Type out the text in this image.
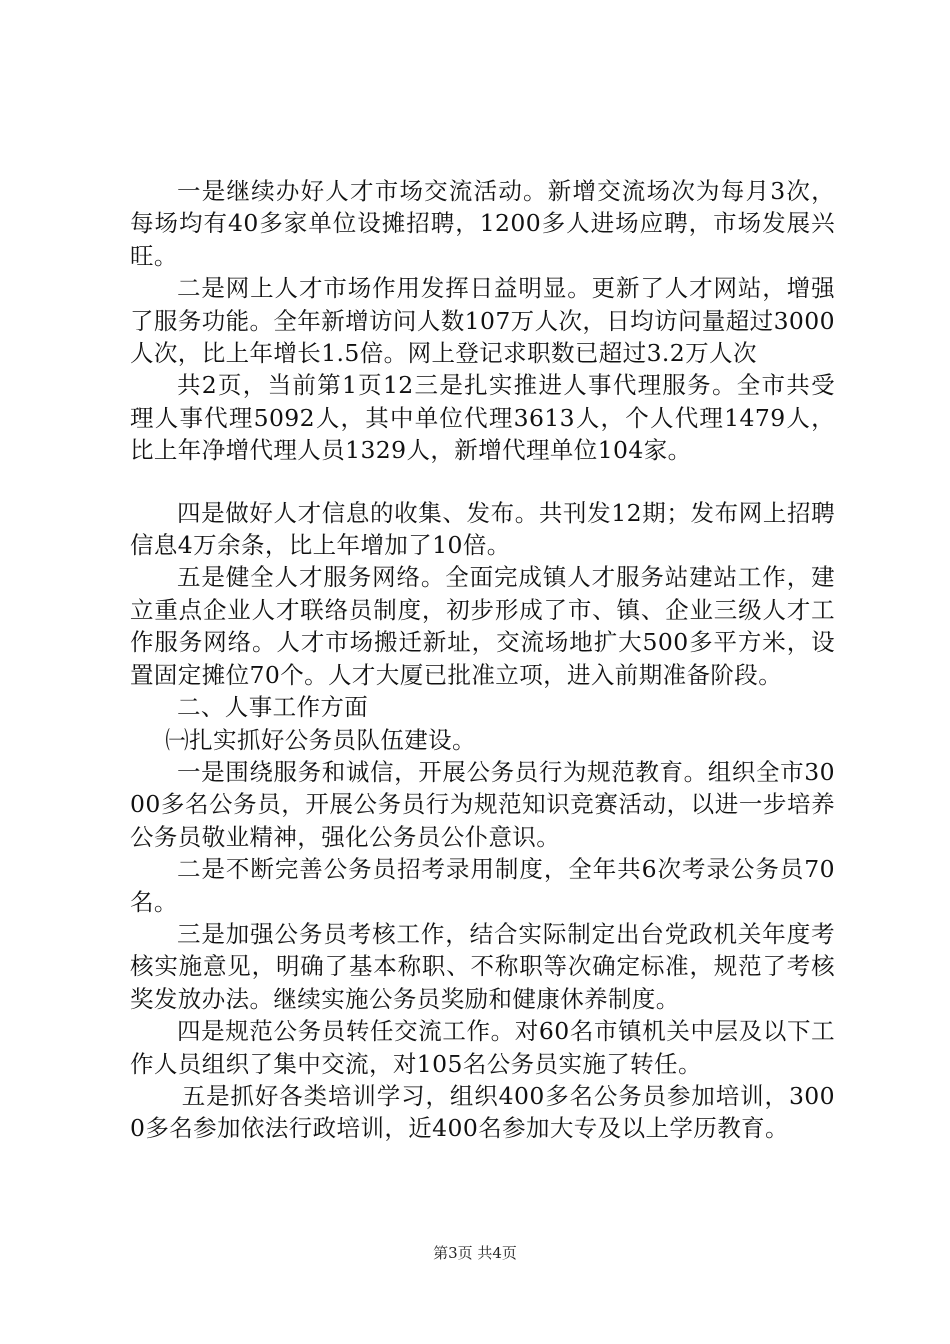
一是继续办好人才市场交流活动。新增交流场次为每月3次，每场均有40多家单位设摊招聘，1200多人进场应聘，市场发展兴旺。

二是网上人才市场作用发挥日益明显。更新了人才网站，增强了服务功能。全年新增访问人数107万人次，日均访问量超过3000人次，比上年增长1.5倍。网上登记求职数已超过3.2万人次

共2页，当前第1页12三是扎实推进人事代理服务。全市共受理人事代理5092人，其中单位代理3613人，个人代理1479人，比上年净增代理人员1329人，新增代理单位104家。

四是做好人才信息的收集、发布。共刊发12期；发布网上招聘信息4万余条，比上年增加了10倍。

五是健全人才服务网络。全面完成镇人才服务站建站工作，建立重点企业人才联络员制度，初步形成了市、镇、企业三级人才工作服务网络。人才市场搬迁新址，交流场地扩大500多平方米，设置固定摊位70个。人才大厦已批准立项，进入前期准备阶段。

二、人事工作方面

㈠扎实抓好公务员队伍建设。

一是围绕服务和诚信，开展公务员行为规范教育。组织全市3000多名公务员，开展公务员行为规范知识竞赛活动，以进一步培养公务员敬业精神，强化公务员公仆意识。

二是不断完善公务员招考录用制度，全年共6次考录公务员70名。

三是加强公务员考核工作，结合实际制定出台党政机关年度考核实施意见，明确了基本称职、不称职等次确定标准，规范了考核奖发放办法。继续实施公务员奖励和健康休养制度。

四是规范公务员转任交流工作。对60名市镇机关中层及以下工作人员组织了集中交流，对105名公务员实施了转任。

五是抓好各类培训学习，组织400多名公务员参加培训，3000多名参加依法行政培训，近400名参加大专及以上学历教育。

第3页 共4页
